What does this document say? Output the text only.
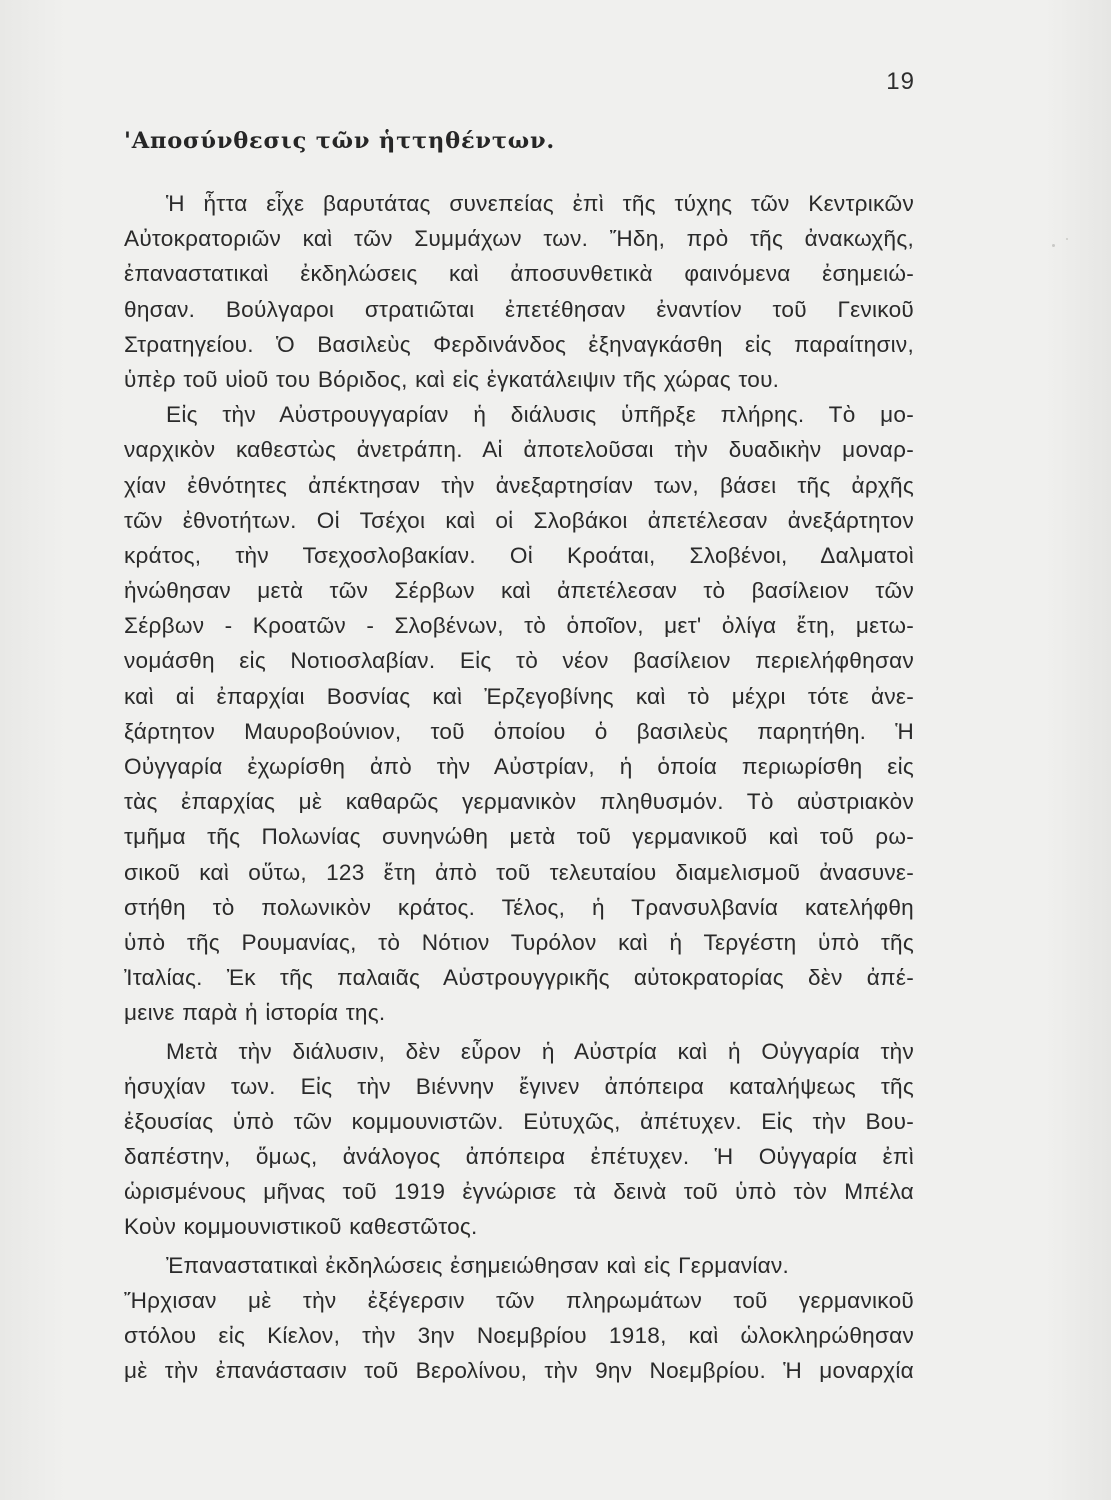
19
'Αποσύνθεσις τῶν ἡττηθέντων.

Ἡ ἧττα εἶχε βαρυτάτας συνεπείας ἐπὶ τῆς τύχης τῶν Κεντρικῶν
Αὐτοκρατοριῶν καὶ τῶν Συμμάχων των. Ἤδη, πρὸ τῆς ἀνακωχῆς,
ἐπαναστατικαὶ ἐκδηλώσεις καὶ ἀποσυνθετικὰ φαινόμενα ἐσημειώ-
θησαν. Βούλγαροι στρατιῶται ἐπετέθησαν ἐναντίον τοῦ Γενικοῦ
Στρατηγείου. Ὁ Βασιλεὺς Φερδινάνδος ἐξηναγκάσθη εἰς παραίτησιν,
ὑπὲρ τοῦ υἱοῦ του Βόριδος, καὶ εἰς ἐγκατάλειψιν τῆς χώρας του.

Εἰς τὴν Αὐστρουγγαρίαν ἡ διάλυσις ὑπῆρξε πλήρης. Τὸ μο-
ναρχικὸν καθεστὼς ἀνετράπη. Αἱ ἀποτελοῦσαι τὴν δυαδικὴν μοναρ-
χίαν ἐθνότητες ἀπέκτησαν τὴν ἀνεξαρτησίαν των, βάσει τῆς ἀρχῆς
τῶν ἐθνοτήτων. Οἱ Τσέχοι καὶ οἱ Σλοβάκοι ἀπετέλεσαν ἀνεξάρτητον
κράτος, τὴν Τσεχοσλοβακίαν. Οἱ Κροάται, Σλοβένοι, Δαλματοὶ
ἡνώθησαν μετὰ τῶν Σέρβων καὶ ἀπετέλεσαν τὸ βασίλειον τῶν
Σέρβων - Κροατῶν - Σλοβένων, τὸ ὁποῖον, μετ' ὀλίγα ἔτη, μετω-
νομάσθη εἰς Νοτιοσλαβίαν. Εἰς τὸ νέον βασίλειον περιελήφθησαν
καὶ αἱ ἐπαρχίαι Βοσνίας καὶ Ἐρζεγοβίνης καὶ τὸ μέχρι τότε ἀνε-
ξάρτητον Μαυροβούνιον, τοῦ ὁποίου ὁ βασιλεὺς παρητήθη. Ἡ
Οὐγγαρία ἐχωρίσθη ἀπὸ τὴν Αὐστρίαν, ἡ ὁποία περιωρίσθη εἰς
τὰς ἐπαρχίας μὲ καθαρῶς γερμανικὸν πληθυσμόν. Τὸ αὐστριακὸν
τμῆμα τῆς Πολωνίας συνηνώθη μετὰ τοῦ γερμανικοῦ καὶ τοῦ ρω-
σικοῦ καὶ οὕτω, 123 ἔτη ἀπὸ τοῦ τελευταίου διαμελισμοῦ ἀνασυνε-
στήθη τὸ πολωνικὸν κράτος. Τέλος, ἡ Τρανσυλβανία κατελήφθη
ὑπὸ τῆς Ρουμανίας, τὸ Νότιον Τυρόλον καὶ ἡ Τεργέστη ὑπὸ τῆς
Ἰταλίας. Ἐκ τῆς παλαιᾶς Αὐστρουγγρικῆς αὐτοκρατορίας δὲν ἀπέ-
μεινε παρὰ ἡ ἱστορία της.

Μετὰ τὴν διάλυσιν, δὲν εὗρον ἡ Αὐστρία καὶ ἡ Οὐγγαρία τὴν
ἡσυχίαν των. Εἰς τὴν Βιέννην ἔγινεν ἀπόπειρα καταλήψεως τῆς
ἐξουσίας ὑπὸ τῶν κομμουνιστῶν. Εὐτυχῶς, ἀπέτυχεν. Εἰς τὴν Βου-
δαπέστην, ὅμως, ἀνάλογος ἀπόπειρα ἐπέτυχεν. Ἡ Οὐγγαρία ἐπὶ
ὡρισμένους μῆνας τοῦ 1919 ἐγνώρισε τὰ δεινὰ τοῦ ὑπὸ τὸν Μπέλα
Κοὺν κομμουνιστικοῦ καθεστῶτος.

Ἐπαναστατικαὶ ἐκδηλώσεις ἐσημειώθησαν καὶ εἰς Γερμανίαν.
Ἤρχισαν μὲ τὴν ἐξέγερσιν τῶν πληρωμάτων τοῦ γερμανικοῦ
στόλου εἰς Κίελον, τὴν 3ην Νοεμβρίου 1918, καὶ ὡλοκληρώθησαν
μὲ τὴν ἐπανάστασιν τοῦ Βερολίνου, τὴν 9ην Νοεμβρίου. Ἡ μοναρχία
